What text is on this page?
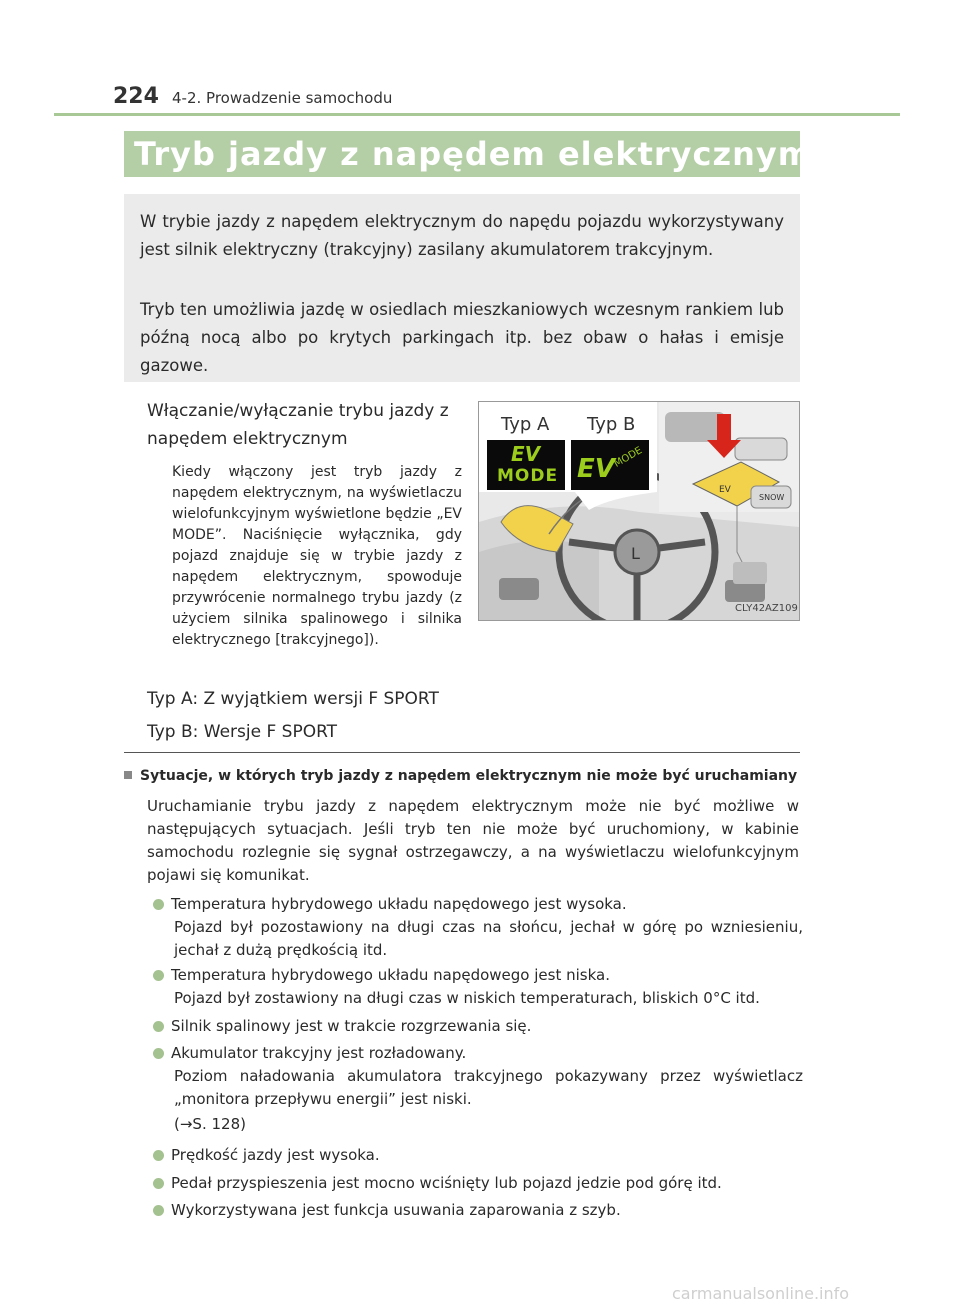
224 4-2. Prowadzenie samochodu
Tryb jazdy z napędem elektrycznym
W trybie jazdy z napędem elektrycznym do napędu pojazdu wykorzystywany jest silnik elektryczny (trakcyjny) zasilany akumulatorem trakcyjnym.
Tryb ten umożliwia jazdę w osiedlach mieszkaniowych wczesnym rankiem lub późną nocą albo po krytych parkingach itp. bez obaw o hałas i emisje gazowe.
Włączanie/wyłączanie trybu jazdy z napędem elektrycznym
Kiedy włączony jest tryb jazdy z napędem elektrycznym, na wyświetlaczu wielofunkcyjnym wyświetlone będzie „EV MODE”. Naciśnięcie wyłącznika, gdy pojazd znajduje się w trybie jazdy z napędem elektrycznym, spowoduje przywrócenie normalnego trybu jazdy (z użyciem silnika spalinowego i silnika elektrycznego [trakcyjnego]).
Typ A: Z wyjątkiem wersji F SPORT
Typ B: Wersje F SPORT
L
EV
SNOW
Typ A Typ B
EV
MODE EV
MODE
CLY42AZ109
Sytuacje, w których tryb jazdy z napędem elektrycznym nie może być uruchamiany
Uruchamianie trybu jazdy z napędem elektrycznym może nie być możliwe w następujących sytuacjach. Jeśli tryb ten nie może być uruchomiony, w kabinie samochodu rozlegnie się sygnał ostrzegawczy, a na wyświetlaczu wielofunkcyjnym pojawi się komunikat.
Temperatura hybrydowego układu napędowego jest wysoka.
Pojazd był pozostawiony na długi czas na słońcu, jechał w górę po wzniesieniu, jechał z dużą prędkością itd.
Temperatura hybrydowego układu napędowego jest niska.
Pojazd był zostawiony na długi czas w niskich temperaturach, bliskich 0°C itd.
Silnik spalinowy jest w trakcie rozgrzewania się.
Akumulator trakcyjny jest rozładowany.
Poziom naładowania akumulatora trakcyjnego pokazywany przez wyświetlacz „monitora przepływu energii” jest niski.
(→S. 128)
Prędkość jazdy jest wysoka.
Pedał przyspieszenia jest mocno wciśnięty lub pojazd jedzie pod górę itd.
Wykorzystywana jest funkcja usuwania zaparowania z szyb.
carmanualsonline.info
